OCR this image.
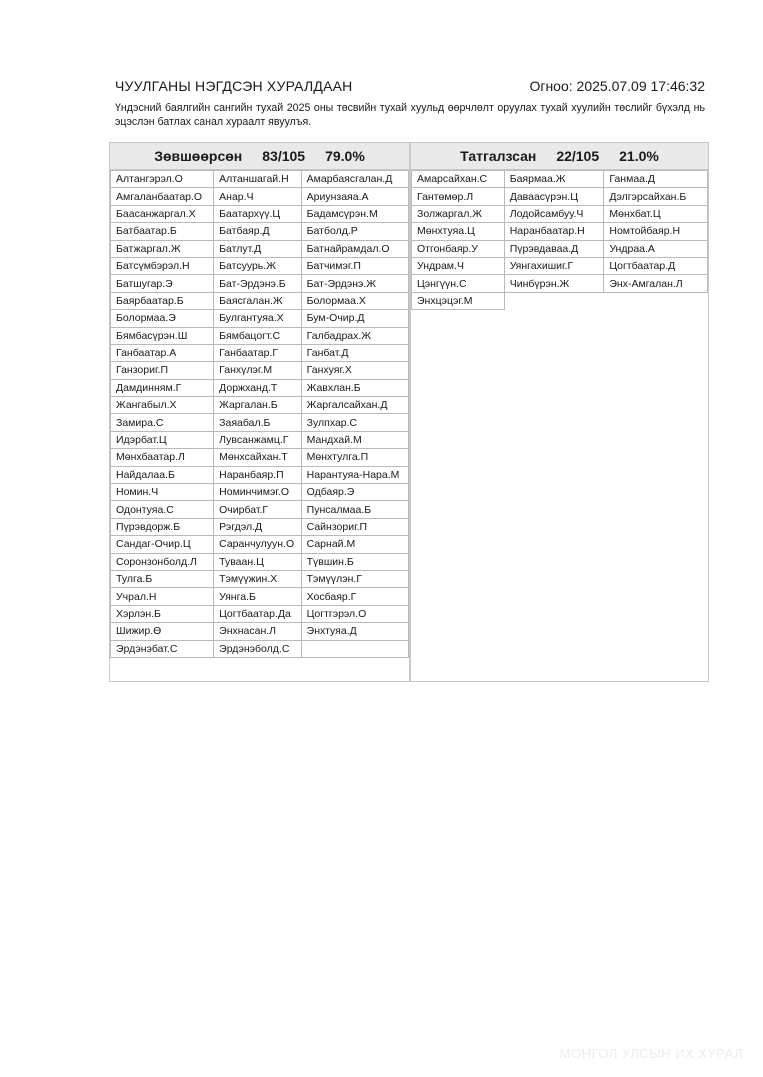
ЧУУЛГАНЫ НЭГДСЭН ХУРАЛДААН	Огноо: 2025.07.09 17:46:32
Үндэсний баялгийн сангийн тухай 2025 оны төсвийн тухай хуульд өөрчлөлт оруулах тухай хуулийн төслийг бүхэлд нь эцэслэн батлах санал хураалт явуулъя.
Зөвшөөрсөн 83/105 79.0%
Алтангэрэл.О	Алтаншагай.Н	Амарбаясгалан.Д
Амгаланбаатар.О	Анар.Ч	Ариунзаяа.А
Баасанжаргал.Х	Баатархүү.Ц	Бадамсүрэн.М
Батбаатар.Б	Батбаяр.Д	Батболд.Р
Батжаргал.Ж	Батлут.Д	Батнайрамдал.О
Батсүмбэрэл.Н	Батсуурь.Ж	Батчимэг.П
Батшугар.Э	Бат-Эрдэнэ.Б	Бат-Эрдэнэ.Ж
Баярбаатар.Б	Баясгалан.Ж	Болормаа.Х
Болормаа.Э	Булгантуяа.Х	Бум-Очир.Д
Бямбасүрэн.Ш	Бямбацогт.С	Галбадрах.Ж
Ганбаатар.А	Ганбаатар.Г	Ганбат.Д
Ганзориг.П	Ганхүлэг.М	Ганхуяг.Х
Дамдинням.Г	Доржханд.Т	Жавхлан.Б
Жангабыл.Х	Жаргалан.Б	Жаргалсайхан.Д
Замира.С	Заяабал.Б	Зулпхар.С
Идэрбат.Ц	Лувсанжамц.Г	Мандхай.М
Мөнхбаатар.Л	Мөнхсайхан.Т	Мөнхтулга.П
Найдалаа.Б	Наранбаяр.П	Нарантуяа-Нара.М
Номин.Ч	Номинчимэг.О	Одбаяр.Э
Одонтуяа.С	Очирбат.Г	Пунсалмаа.Б
Пүрэвдорж.Б	Рэгдэл.Д	Сайнзориг.П
Сандаг-Очир.Ц	Саранчулуун.О	Сарнай.М
Соронзонболд.Л	Туваан.Ц	Түвшин.Б
Тулга.Б	Тэмүүжин.Х	Тэмүүлэн.Г
Учрал.Н	Уянга.Б	Хосбаяр.Г
Хэрлэн.Б	Цогтбаатар.Да	Цогтгэрэл.О
Шижир.Ө	Энхнасан.Л	Энхтуяа.Д
Эрдэнэбат.С	Эрдэнэболд.С	
Татгалзсан 22/105 21.0%
Амарсайхан.С	Баярмаа.Ж	Ганмаа.Д
Гантөмөр.Л	Даваасүрэн.Ц	Дэлгэрсайхан.Б
Золжаргал.Ж	Лодойсамбуу.Ч	Мөнхбат.Ц
Мөнхтуяа.Ц	Наранбаатар.Н	Номтойбаяр.Н
Отгонбаяр.У	Пүрэвдаваа.Д	Ундраа.А
Ундрам.Ч	Уянгахишиг.Г	Цогтбаатар.Д
Цэнгүүн.С	Чинбүрэн.Ж	Энх-Амгалан.Л
Энхцэцэг.М		
МОНГОЛ УЛСЫН ИХ ХУРАЛ
